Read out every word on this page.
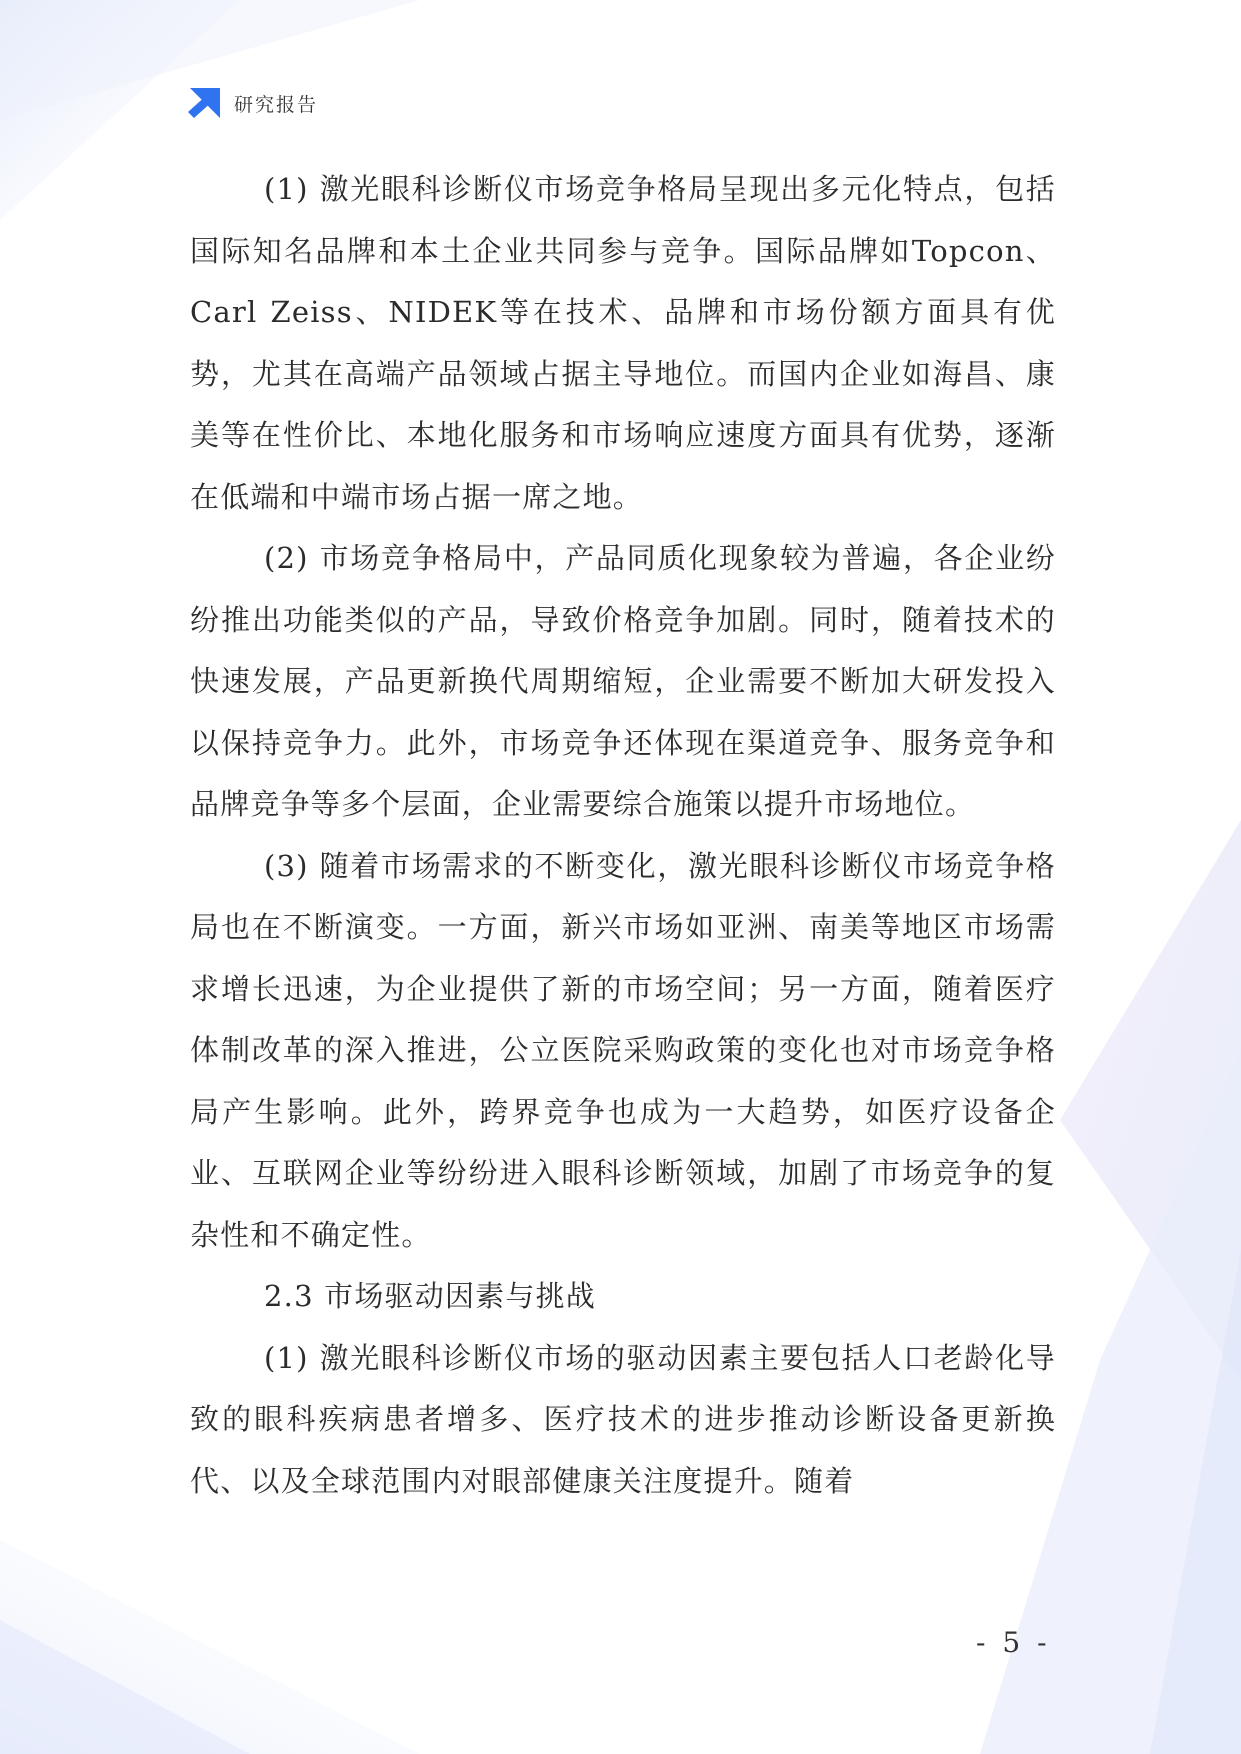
研究报告

(1) 激光眼科诊断仪市场竞争格局呈现出多元化特点，包括国际知名品牌和本土企业共同参与竞争。国际品牌如Topcon、Carl Zeiss、NIDEK等在技术、品牌和市场份额方面具有优势，尤其在高端产品领域占据主导地位。而国内企业如海昌、康美等在性价比、本地化服务和市场响应速度方面具有优势，逐渐在低端和中端市场占据一席之地。

(2) 市场竞争格局中，产品同质化现象较为普遍，各企业纷纷推出功能类似的产品，导致价格竞争加剧。同时，随着技术的快速发展，产品更新换代周期缩短，企业需要不断加大研发投入以保持竞争力。此外，市场竞争还体现在渠道竞争、服务竞争和品牌竞争等多个层面，企业需要综合施策以提升市场地位。

(3) 随着市场需求的不断变化，激光眼科诊断仪市场竞争格局也在不断演变。一方面，新兴市场如亚洲、南美等地区市场需求增长迅速，为企业提供了新的市场空间；另一方面，随着医疗体制改革的深入推进，公立医院采购政策的变化也对市场竞争格局产生影响。此外，跨界竞争也成为一大趋势，如医疗设备企业、互联网企业等纷纷进入眼科诊断领域，加剧了市场竞争的复杂性和不确定性。

2.3 市场驱动因素与挑战

(1) 激光眼科诊断仪市场的驱动因素主要包括人口老龄化导致的眼科疾病患者增多、医疗技术的进步推动诊断设备更新换代、以及全球范围内对眼部健康关注度提升。随着

- 5 -
